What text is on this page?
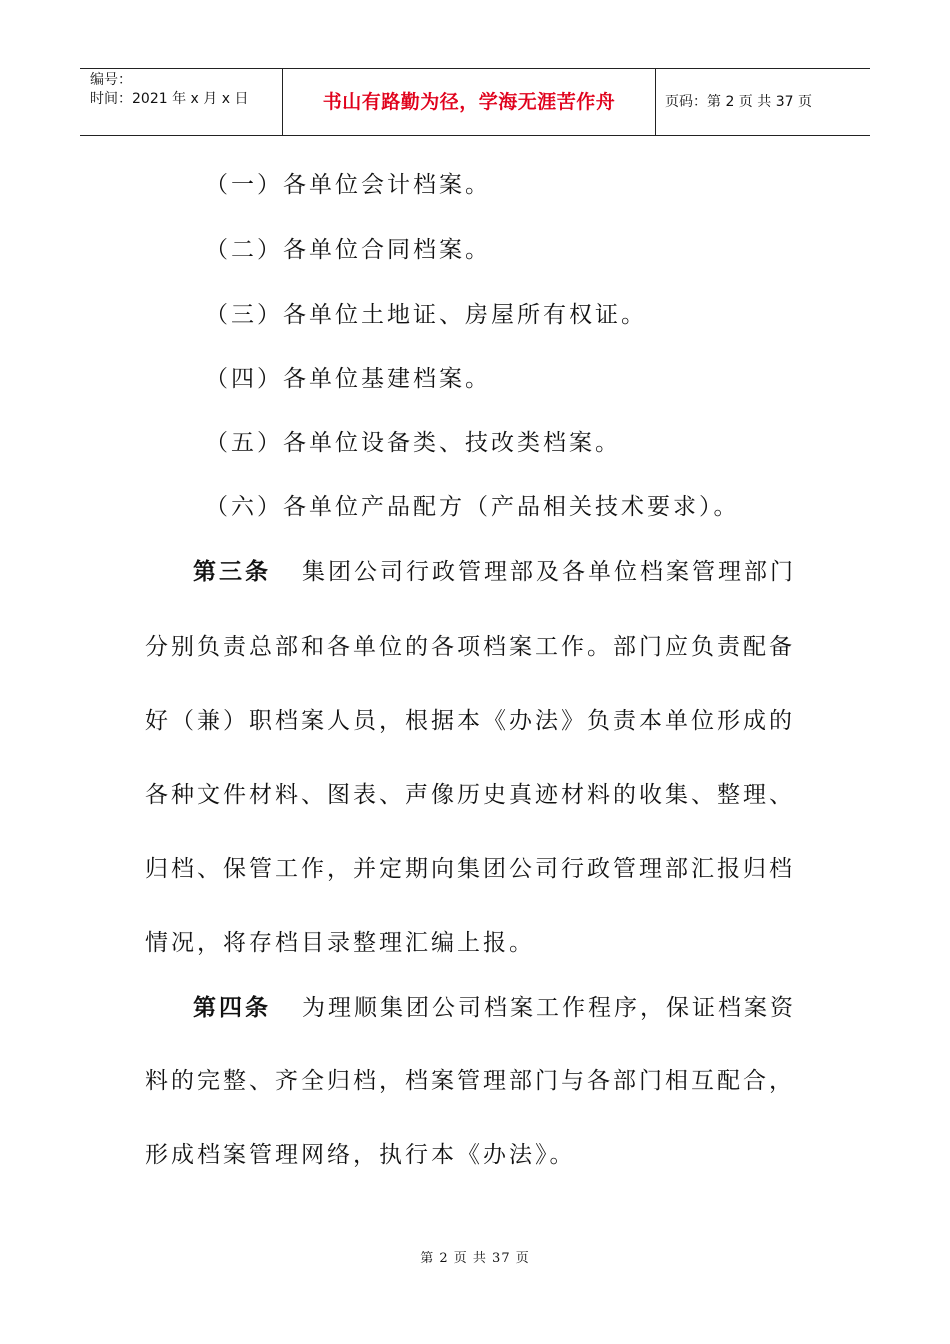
编号：
时间：2021 年 x 月 x 日	书山有路勤为径，学海无涯苦作舟	页码：第 2 页 共 37 页
（一）各单位会计档案。
（二）各单位合同档案。
（三）各单位土地证、房屋所有权证。
（四）各单位基建档案。
（五）各单位设备类、技改类档案。
（六）各单位产品配方（产品相关技术要求）。
第三条 集团公司行政管理部及各单位档案管理部门
分别负责总部和各单位的各项档案工作。部门应负责配备
好（兼）职档案人员，根据本《办法》负责本单位形成的
各种文件材料、图表、声像历史真迹材料的收集、整理、
归档、保管工作，并定期向集团公司行政管理部汇报归档
情况，将存档目录整理汇编上报。
第四条 为理顺集团公司档案工作程序，保证档案资
料的完整、齐全归档，档案管理部门与各部门相互配合，
形成档案管理网络，执行本《办法》。
第 2 页 共 37 页
